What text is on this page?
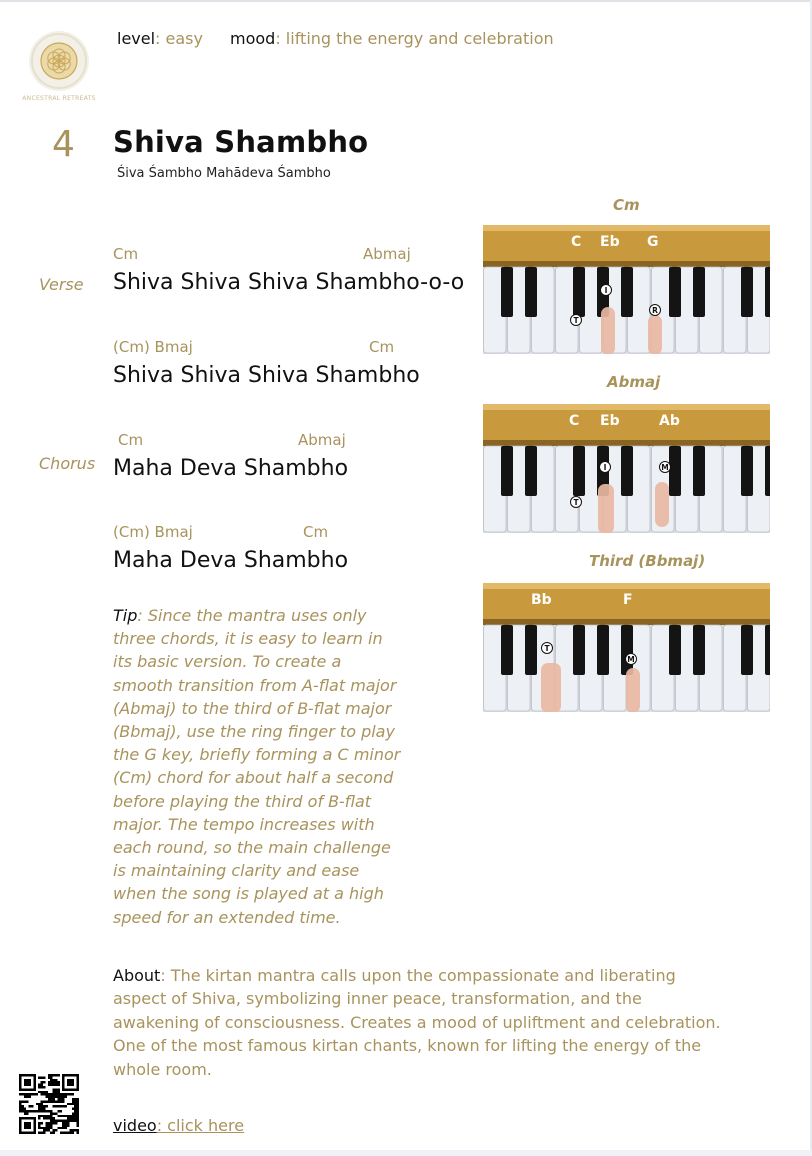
ANCESTRAL RETREATS
level: easy mood: lifting the energy and celebration
4 Shiva Shambho
Śiva Śambho Mahādeva Śambho
Verse
Chorus
Cm	Abmaj
Shiva Shiva Shiva Shambho-o-o
(Cm) Bmaj	Cm
Shiva Shiva Shiva Shambho
Cm	Abmaj
Maha Deva Shambho
(Cm) Bmaj	Cm
Maha Deva Shambho
Tip: Since the mantra uses only three chords, it is easy to learn in its basic version. To create a smooth transition from A-flat major (Abmaj) to the third of B-flat major (Bbmaj), use the ring finger to play the G key, briefly forming a C minor (Cm) chord for about half a second before playing the third of B-flat major. The tempo increases with each round, so the main challenge is maintaining clarity and ease when the song is played at a high speed for an extended time.
Cm
I
T
R
C Eb G
Abmaj
I	M
T
C Eb	Ab
Third (Bbmaj)
T
M
Bb	F
About: The kirtan mantra calls upon the compassionate and liberating aspect of Shiva, symbolizing inner peace, transformation, and the awakening of consciousness. Creates a mood of upliftment and celebration. One of the most famous kirtan chants, known for lifting the energy of the whole room.
video: click here
